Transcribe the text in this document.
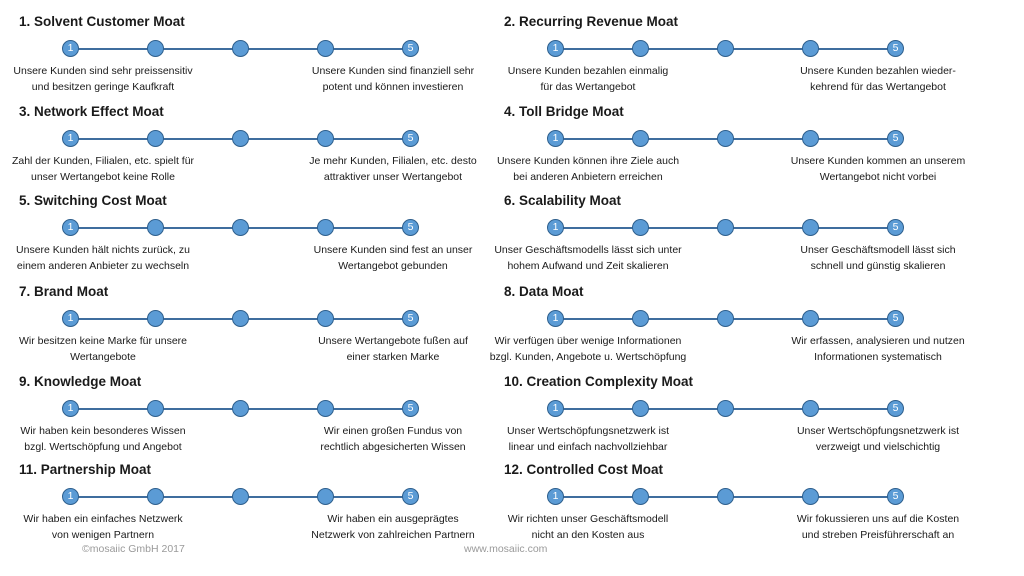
1. Solvent Customer Moat
1	5
Unsere Kunden sind sehr preissensitiv
und besitzen geringe Kaufkraft
Unsere Kunden sind finanziell sehr
potent und können investieren
2. Recurring Revenue Moat
1	5
Unsere Kunden bezahlen einmalig
für das Wertangebot
Unsere Kunden bezahlen wieder-
kehrend für das Wertangebot
3. Network Effect Moat
1	5
Zahl der Kunden, Filialen, etc. spielt für
unser Wertangebot keine Rolle
Je mehr Kunden, Filialen, etc. desto
attraktiver unser Wertangebot
4. Toll Bridge Moat
1	5
Unsere Kunden können ihre Ziele auch
bei anderen Anbietern erreichen
Unsere Kunden kommen an unserem
Wertangebot nicht vorbei
5. Switching Cost Moat
1	5
Unsere Kunden hält nichts zurück, zu
einem anderen Anbieter zu wechseln
Unsere Kunden sind fest an unser
Wertangebot gebunden
6. Scalability Moat
1	5
Unser Geschäftsmodells lässt sich unter
hohem Aufwand und Zeit skalieren
Unser Geschäftsmodell lässt sich
schnell und günstig skalieren
7. Brand Moat
1	5
Wir besitzen keine Marke für unsere
Wertangebote
Unsere Wertangebote fußen auf
einer starken Marke
8. Data Moat
1	5
Wir verfügen über wenige Informationen
bzgl. Kunden, Angebote u. Wertschöpfung
Wir erfassen, analysieren und nutzen
Informationen systematisch
9. Knowledge Moat
1	5
Wir haben kein besonderes Wissen
bzgl. Wertschöpfung und Angebot
Wir einen großen Fundus von
rechtlich abgesicherten Wissen
10. Creation Complexity Moat
1	5
Unser Wertschöpfungsnetzwerk ist
linear und einfach nachvollziehbar
Unser Wertschöpfungsnetzwerk ist
verzweigt und vielschichtig
11. Partnership Moat
1	5
Wir haben ein einfaches Netzwerk
von wenigen Partnern
Wir haben ein ausgeprägtes
Netzwerk von zahlreichen Partnern
12. Controlled Cost Moat
1	5
Wir richten unser Geschäftsmodell
nicht an den Kosten aus
Wir fokussieren uns auf die Kosten
und streben Preisführerschaft an
©mosaiic GmbH 2017	www.mosaiic.com
